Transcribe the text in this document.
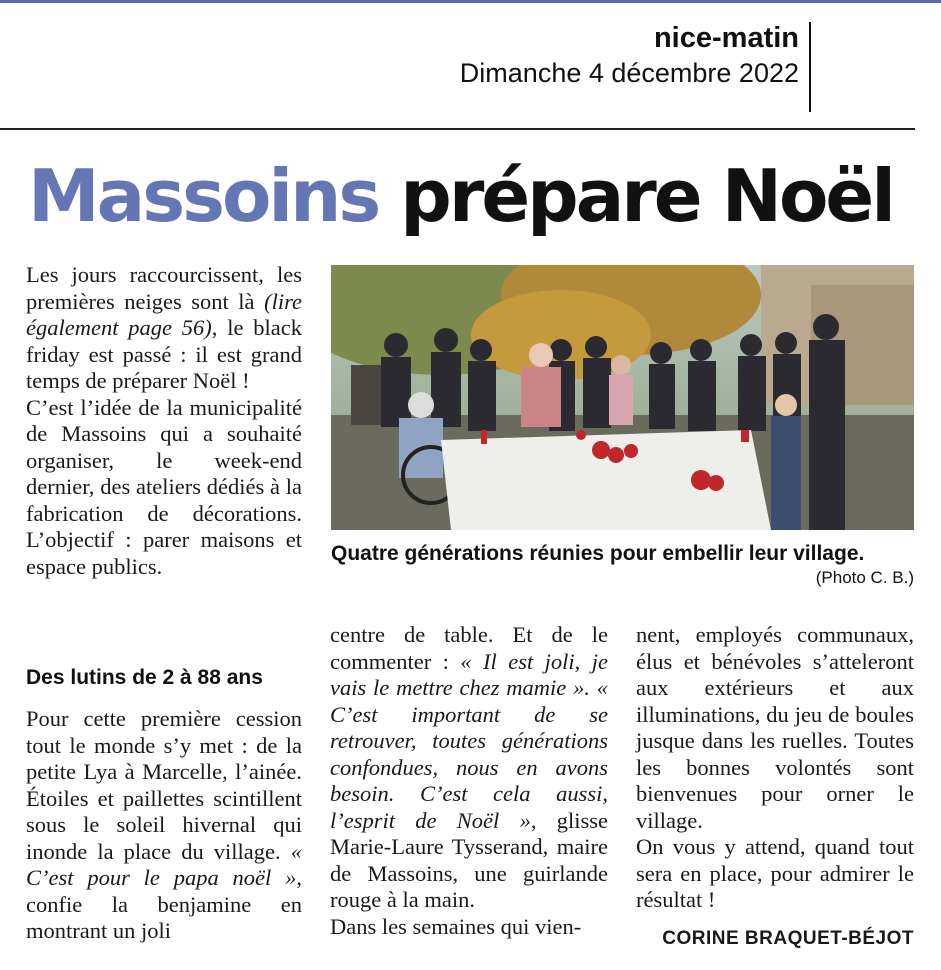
nice-matin
Dimanche 4 décembre 2022
Massoins prépare Noël

Les jours raccourcissent, les premières neiges sont là (lire également page 56), le black friday est passé : il est grand temps de préparer Noël !

C’est l’idée de la municipalité de Massoins qui a souhaité organiser, le week-end dernier, des ateliers dédiés à la fabrication de décorations. L’objectif : parer maisons et espace publics.

Des lutins de 2 à 88 ans

Pour cette première cession tout le monde s’y met : de la petite Lya à Marcelle, l’ainée. Étoiles et paillettes scintillent sous le soleil hivernal qui inonde la place du village. « C’est pour le papa noël », confie la benjamine en montrant un joli

Quatre générations réunies pour embellir leur village.
(Photo C. B.)

centre de table. Et de le commenter : « Il est joli, je vais le mettre chez mamie ». « C’est important de se retrouver, toutes générations confondues, nous en avons besoin. C’est cela aussi, l’esprit de Noël », glisse Marie-Laure Tysserand, maire de Massoins, une guirlande rouge à la main.

Dans les semaines qui vien-

nent, employés communaux, élus et bénévoles s’atteleront aux extérieurs et aux illuminations, du jeu de boules jusque dans les ruelles. Toutes les bonnes volontés sont bienvenues pour orner le village.

On vous y attend, quand tout sera en place, pour admirer le résultat !

CORINE BRAQUET-BÉJOT
